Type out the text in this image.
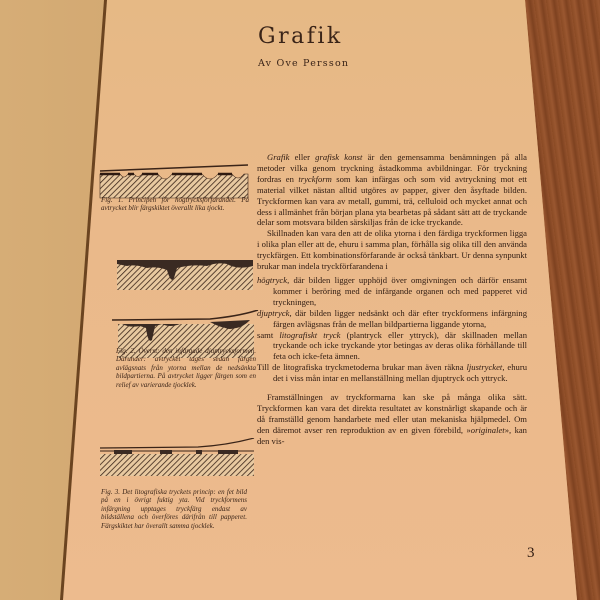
Grafik
Av Ove Persson
Fig. 1. Principen för högtrycksförfarandet. På avtrycket blir färgskiktet överallt lika tjockt.
Fig. 2. Överst: den infärgade djuptrycksformen. Därunder: avtrycket tages sedan färgen avlägsnats från ytorna mellan de nedsänkta bildpartierna. På avtrycket ligger färgen som en relief av varierande tjocklek.
Fig. 3. Det litografiska tryckets princip: en fet bild på en i övrigt fuktig yta. Vid tryckformens infärgning upptages tryckfärg endast av bildställena och överföres därifrån till papperet. Färgskiktet har överallt samma tjocklek.

Grafik eller grafisk konst är den gemensamma benämningen på alla metoder vilka genom tryckning åstadkomma avbildningar. För tryckning fordras en tryckform som kan infärgas och som vid avtryckning mot ett material vilket nästan alltid utgöres av papper, giver den åsyftade bilden. Tryckformen kan vara av metall, gummi, trä, celluloid och mycket annat och dess i allmänhet från början plana yta bearbetas på sådant sätt att de tryckande delar som motsvara bilden särskiljas från de icke tryckande.

Skillnaden kan vara den att de olika ytorna i den färdiga tryckformen ligga i olika plan eller att de, ehuru i samma plan, förhålla sig olika till den använda tryckfärgen. Ett kombinationsförfarande är också tänkbart. Ur denna synpunkt brukar man indela tryckförfarandena i

högtryck, där bilden ligger upphöjd över omgivningen och därför ensamt kommer i beröring med de infärgande organen och med papperet vid tryckningen,

djuptryck, där bilden ligger nedsänkt och där efter tryckformens infärgning färgen avlägsnas från de mellan bildpartierna liggande ytorna,

samt litografiskt tryck (plantryck eller yttryck), där skillnaden mellan tryckande och icke tryckande ytor betingas av deras olika förhållande till feta och icke-feta ämnen.

Till de litografiska tryckmetoderna brukar man även räkna ljustrycket, ehuru det i viss mån intar en mellanställning mellan djuptryck och yttryck.

Framställningen av tryckformarna kan ske på många olika sätt. Tryckformen kan vara det direkta resultatet av konstnärligt skapande och är då framställd genom handarbete med eller utan mekaniska hjälpmedel. Om den däremot avser ren reproduktion av en given förebild, »originalet», kan den vis-

3
